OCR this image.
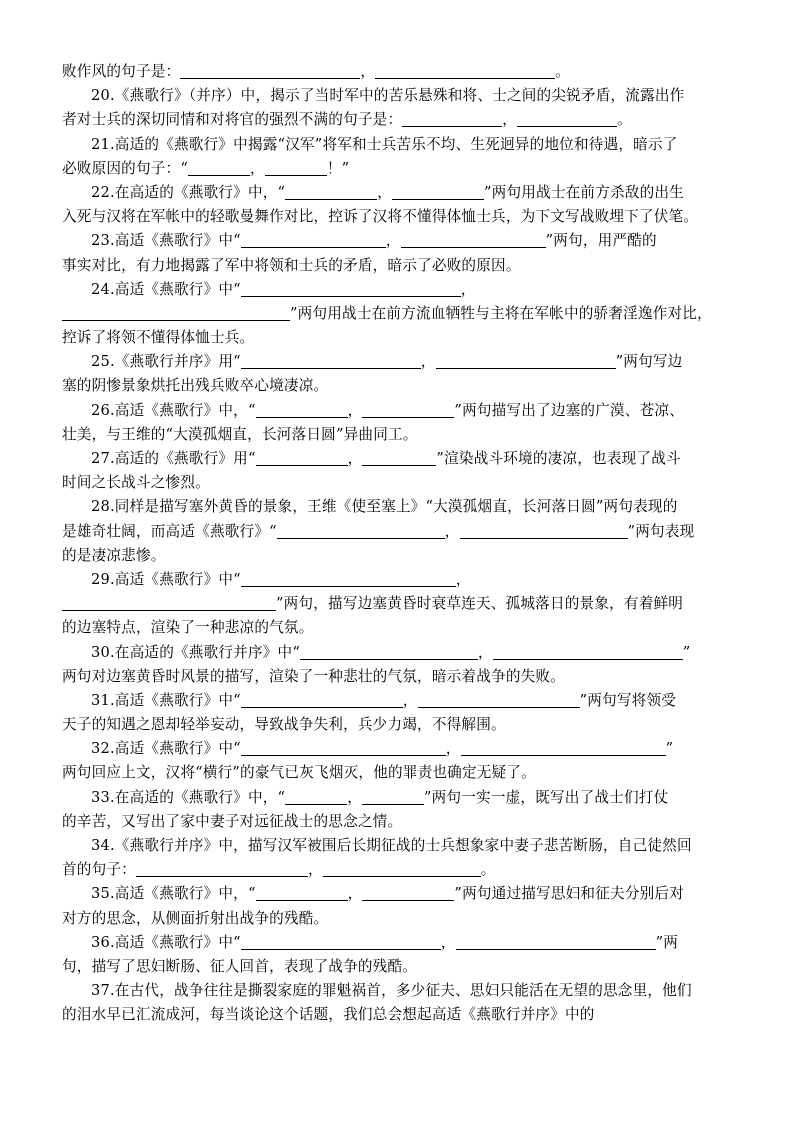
败作风的句子是：	，	。
20.《燕歌行》（并序）中，揭示了当时军中的苦乐悬殊和将、士之间的尖锐矛盾，流露出作
者对士兵的深切同情和对将官的强烈不满的句子是：	，	。
21.高适的《燕歌行》中揭露“汉军”将军和士兵苦乐不均、生死迥异的地位和待遇，暗示了
必败原因的句子：“	，	！”
22.在高适的《燕歌行》中，“	，	”两句用战士在前方杀敌的出生
入死与汉将在军帐中的轻歌曼舞作对比，控诉了汉将不懂得体恤士兵，为下文写战败埋下了伏笔。
23.高适《燕歌行》中“	，	”两句，用严酷的
事实对比，有力地揭露了军中将领和士兵的矛盾，暗示了必败的原因。
24.高适《燕歌行》中“	，
”两句用战士在前方流血牺牲与主将在军帐中的骄奢淫逸作对比，
控诉了将领不懂得体恤士兵。
25.《燕歌行并序》用“	，	”两句写边
塞的阴惨景象烘托出残兵败卒心境凄凉。
26.高适《燕歌行》中，“	，	”两句描写出了边塞的广漠、苍凉、
壮美，与王维的“大漠孤烟直，长河落日圆”异曲同工。
27.高适的《燕歌行》用“	，	”渲染战斗环境的凄凉，也表现了战斗
时间之长战斗之惨烈。
28.同样是描写塞外黄昏的景象，王维《使至塞上》“大漠孤烟直，长河落日圆”两句表现的
是雄奇壮阔，而高适《燕歌行》“	，	”两句表现
的是凄凉悲惨。
29.高适《燕歌行》中“	，
”两句，描写边塞黄昏时衰草连天、孤城落日的景象，有着鲜明
的边塞特点，渲染了一种悲凉的气氛。
30.在高适的《燕歌行并序》中“	，	”
两句对边塞黄昏时风景的描写，渲染了一种悲壮的气氛，暗示着战争的失败。
31.高适《燕歌行》中“	，	”两句写将领受
天子的知遇之恩却轻举妄动，导致战争失利，兵少力竭，不得解围。
32.高适《燕歌行》中“	，	”
两句回应上文，汉将“横行”的豪气已灰飞烟灭，他的罪责也确定无疑了。
33.在高适的《燕歌行》中，“	，	”两句一实一虚，既写出了战士们打仗
的辛苦，又写出了家中妻子对远征战士的思念之情。
34.《燕歌行并序》中，描写汉军被围后长期征战的士兵想象家中妻子悲苦断肠，自己徒然回
首的句子：	，	。
35.高适《燕歌行》中，“	，	”两句通过描写思妇和征夫分别后对
对方的思念，从侧面折射出战争的残酷。
36.高适《燕歌行》中“	，	”两
句，描写了思妇断肠、征人回首，表现了战争的残酷。
37.在古代，战争往往是撕裂家庭的罪魁祸首，多少征夫、思妇只能活在无望的思念里，他们
的泪水早已汇流成河，每当谈论这个话题，我们总会想起高适《燕歌行并序》中的
